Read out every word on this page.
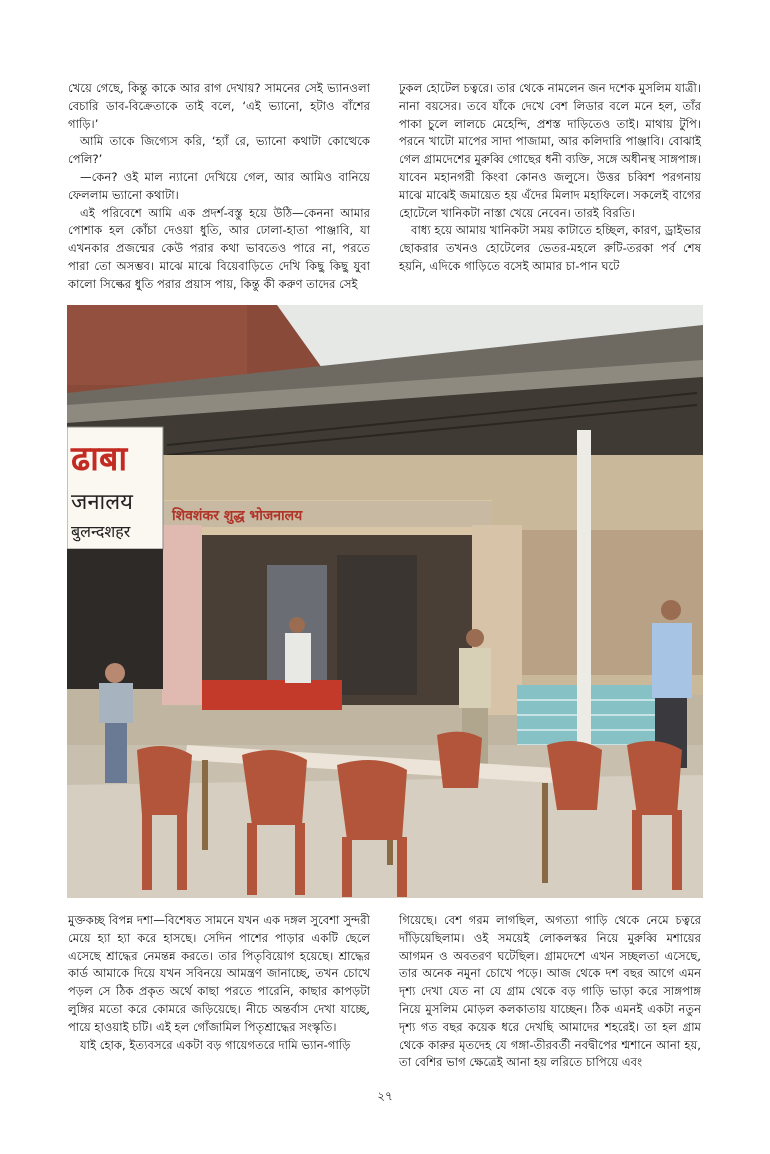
খেয়ে গেছে, কিন্তু কাকে আর রাগ দেখায়? সামনের সেই ভ্যানওলা বেচারি ডাব-বিক্রেতাকে তাই বলে, ‘এই ভ্যানো, হটাও বাঁশের গাড়ি।’

আমি তাকে জিগ্যেস করি, ‘হ্যাঁ রে, ভ্যানো কথাটা কোত্থেকে পেলি?’

—কেন? ওই মাল ন্যানো দেখিয়ে গেল, আর আমিও বানিয়ে ফেললাম ভ্যানো কথাটা।

এই পরিবেশে আমি এক প্রদর্শ-বস্তু হয়ে উঠি—কেননা আমার পোশাক হল কোঁচা দেওয়া ধুতি, আর ঢোলা-হাতা পাঞ্জাবি, যা এখনকার প্রজন্মের কেউ পরার কথা ভাবতেও পারে না, পরতে পারা তো অসম্ভব। মাঝে মাঝে বিয়েবাড়িতে দেখি কিছু কিছু যুবা কালো সিল্কের ধুতি পরার প্রয়াস পায়, কিন্তু কী করুণ তাদের সেই

ঢুকল হোটেল চত্বরে। তার থেকে নামলেন জন দশেক মুসলিম যাত্রী। নানা বয়সের। তবে যাঁকে দেখে বেশ লিডার বলে মনে হল, তাঁর পাকা চুলে লালচে মেহেন্দি, প্রশস্ত দাড়িতেও তাই। মাথায় টুপি। পরনে খাটো মাপের সাদা পাজামা, আর কলিদারি পাঞ্জাবি। বোঝাই গেল গ্রামদেশের মুরুব্বি গোছের ধনী ব্যক্তি, সঙ্গে অধীনস্থ সাঙ্গপাঙ্গ। যাবেন মহানগরী কিংবা কোনও জলুসে। উত্তর চব্বিশ পরগনায় মাঝে মাঝেই জমায়েত হয় এঁদের মিলাদ মহাফিলে। সকলেই বাগের হোটেলে খানিকটা নাস্তা খেয়ে নেবেন। তারই বিরতি।

বাধ্য হয়ে আমায় খানিকটা সময় কাটাতে হচ্ছিল, কারণ, ড্রাইভার ছোকরার তখনও হোটেলের ভেতর-মহলে রুটি-তরকা পর্ব শেষ হয়নি, এদিকে গাড়িতে বসেই আমার চা-পান ঘটে

शिवशंकर शुद्ध भोजनालय
ढाबा
जनालय
बुलन्दशहर

মুক্তকচ্ছ বিপন্ন দশা—বিশেষত সামনে যখন এক দঙ্গল সুবেশা সুন্দরী মেয়ে হ্যা হ্যা করে হাসছে। সেদিন পাশের পাড়ার একটি ছেলে এসেছে শ্রাদ্ধের নেমন্তন্ন করতে। তার পিতৃবিয়োগ হয়েছে। শ্রাদ্ধের কার্ড আমাকে দিয়ে যখন সবিনয়ে আমন্ত্রণ জানাচ্ছে, তখন চোখে পড়ল সে ঠিক প্রকৃত অর্থে কাছা পরতে পারেনি, কাছার কাপড়টা লুঙ্গির মতো করে কোমরে জড়িয়েছে। নীচে অন্তর্বাস দেখা যাচ্ছে, পায়ে হাওয়াই চটি। এই হল গোঁজামিল পিতৃশ্রাদ্ধের সংস্কৃতি।

যাই হোক, ইত্যবসরে একটা বড় গায়েগতরে দামি ভ্যান-গাড়ি

গিয়েছে। বেশ গরম লাগছিল, অগত্যা গাড়ি থেকে নেমে চত্বরে দাঁড়িয়েছিলাম। ওই সময়েই লোকলস্কর নিয়ে মুরুব্বি মশায়ের আগমন ও অবতরণ ঘটেছিল। গ্রামদেশে এখন সচ্ছলতা এসেছে, তার অনেক নমুনা চোখে পড়ে। আজ থেকে দশ বছর আগে এমন দৃশ্য দেখা যেত না যে গ্রাম থেকে বড় গাড়ি ভাড়া করে সাঙ্গপাঙ্গ নিয়ে মুসলিম মোড়ল কলকাতায় যাচ্ছেন। ঠিক এমনই একটা নতুন দৃশ্য গত বছর কয়েক ধরে দেখছি আমাদের শহরেই। তা হল গ্রাম থেকে কারুর মৃতদেহ যে গঙ্গা-তীরবর্তী নবদ্বীপের শ্মশানে আনা হয়, তা বেশির ভাগ ক্ষেত্রেই আনা হয় লরিতে চাপিয়ে এবং

২৭
